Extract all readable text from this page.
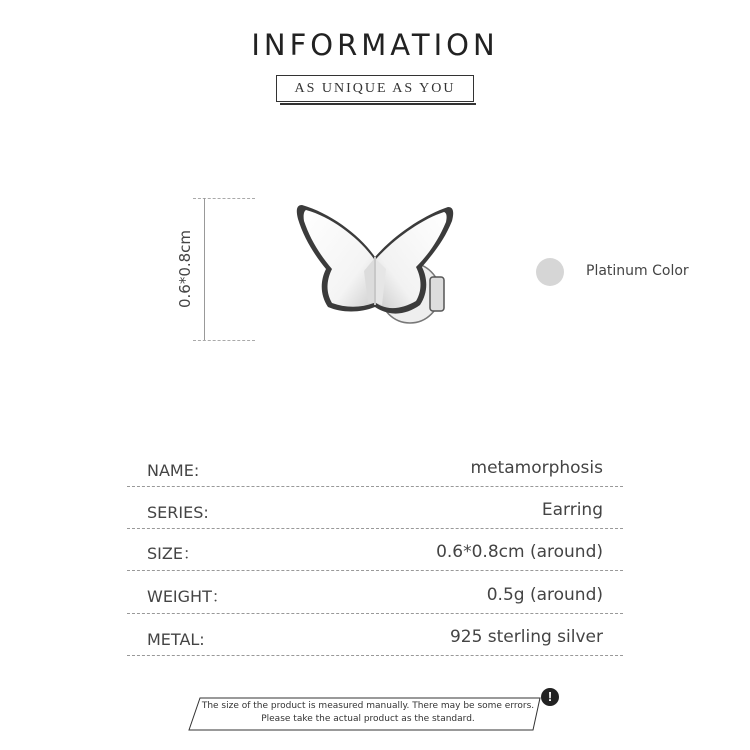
INFORMATION
AS UNIQUE AS YOU
0.6*0.8cm	Platinum Color
NAME:	metamorphosis
SERIES:	Earring
SIZE：	0.6*0.8cm (around)
WEIGHT：	0.5g (around)
METAL:	925 sterling silver
The size of the product is measured manually. There may be some errors.
Please take the actual product as the standard.
!
